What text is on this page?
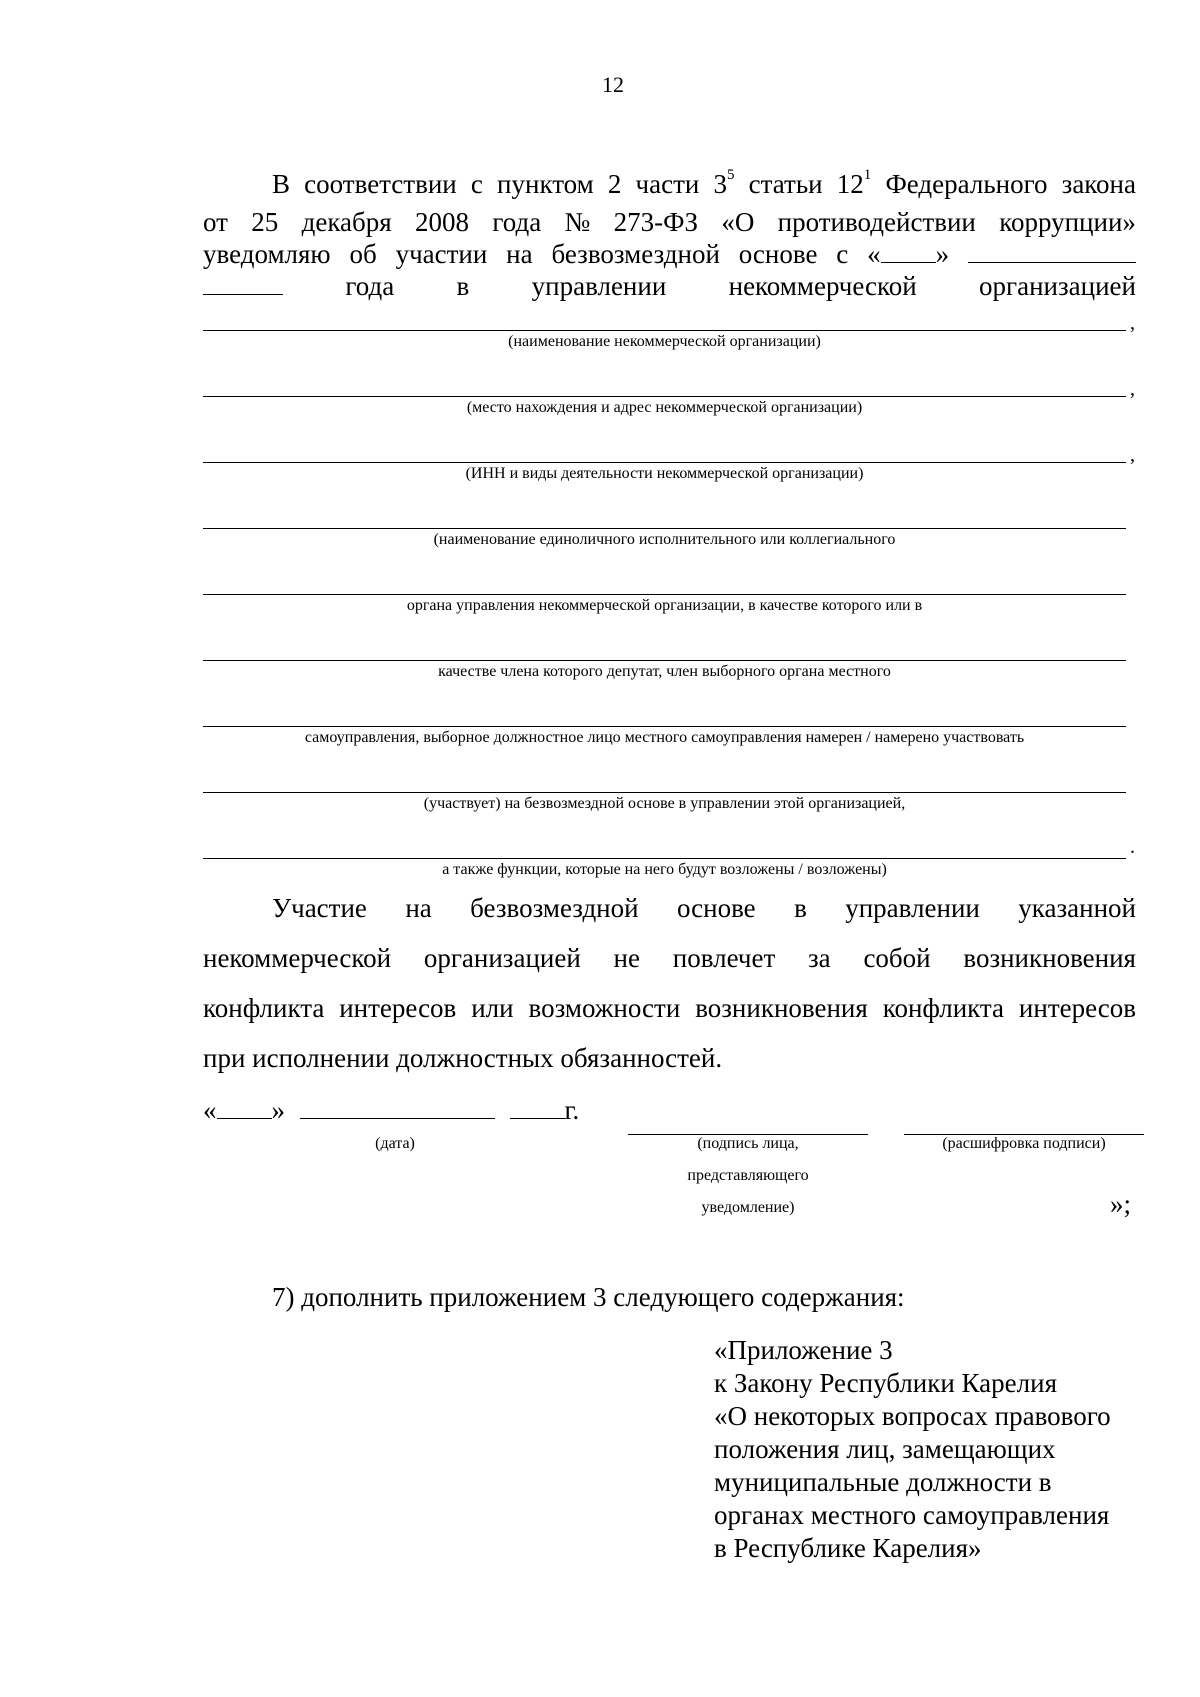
12
В соответствии с пунктом 2 части $3^5$ статьи $12^1$ Федерального закона
от 25 декабря 2008 года № 273-ФЗ «О противодействии коррупции»
уведомляю об участии на безвозмездной основе с « »
года в управлении некоммерческой организацией
(наименование некоммерческой организации)
,
(место нахождения и адрес некоммерческой организации)
,
(ИНН и виды деятельности некоммерческой организации)
,
(наименование единоличного исполнительного или коллегиального
органа управления некоммерческой организации, в качестве которого или в
качестве члена которого депутат, член выборного органа местного
самоуправления, выборное должностное лицо местного самоуправления намерен / намерено участвовать
(участвует) на безвозмездной основе в управлении этой организацией,
а также функции, которые на него будут возложены / возложены)
.
Участие на безвозмездной основе в управлении указанной
некоммерческой организацией не повлечет за собой возникновения
конфликта интересов или возможности возникновения конфликта интересов
при исполнении должностных обязанностей.
« »	г.
(дата)	(подпись лица,
представляющего
уведомление)
(расшифровка подписи)
»;
7) дополнить приложением 3 следующего содержания:
«Приложение 3
к Закону Республики Карелия
«О некоторых вопросах правового
положения лиц, замещающих
муниципальные должности в
органах местного самоуправления
в Республике Карелия»
